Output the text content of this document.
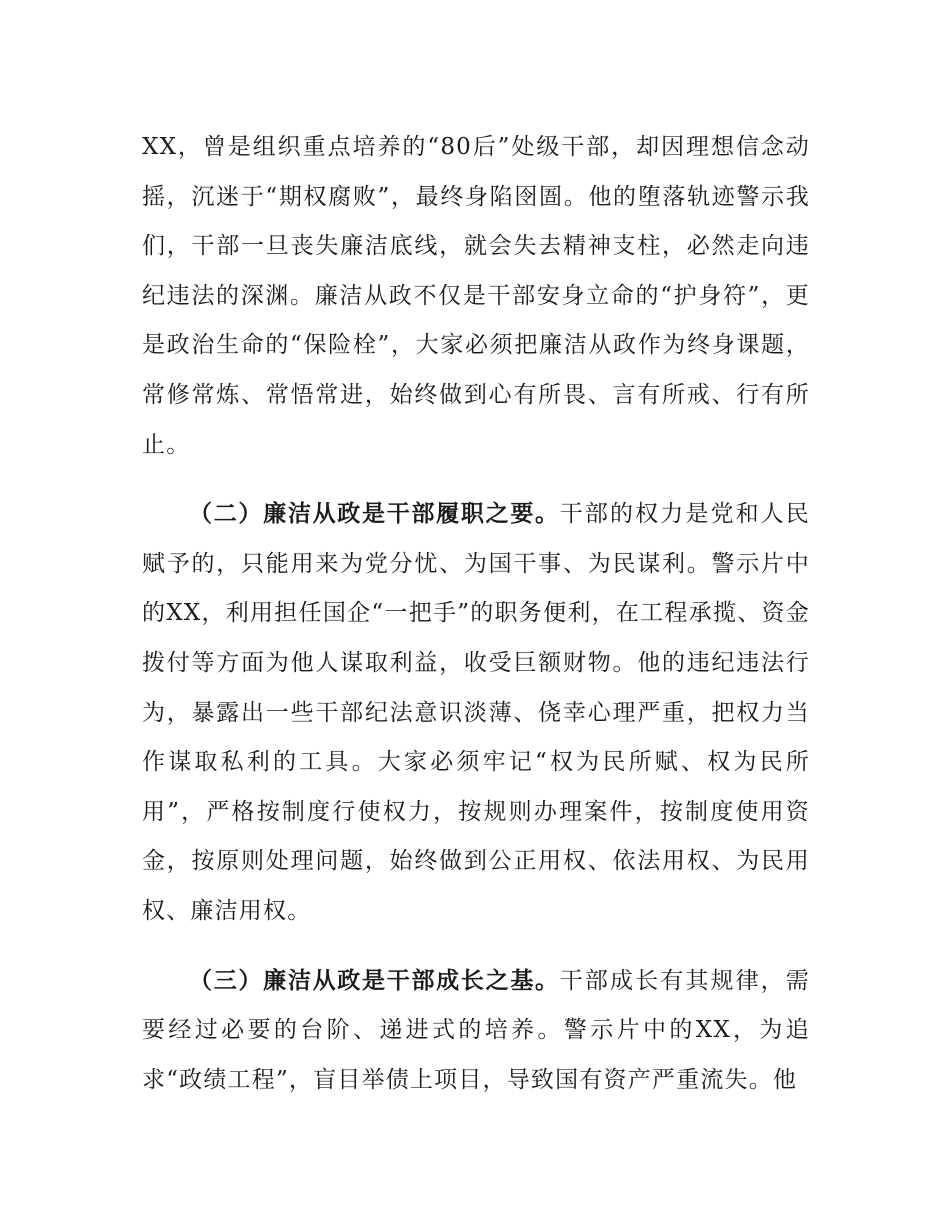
XX，曾是组织重点培养的“80后”处级干部，却因理想信念动摇，沉迷于“期权腐败”，最终身陷囹圄。他的堕落轨迹警示我们，干部一旦丧失廉洁底线，就会失去精神支柱，必然走向违纪违法的深渊。廉洁从政不仅是干部安身立命的“护身符”，更是政治生命的“保险栓”，大家必须把廉洁从政作为终身课题，常修常炼、常悟常进，始终做到心有所畏、言有所戒、行有所止。

（二）廉洁从政是干部履职之要。干部的权力是党和人民赋予的，只能用来为党分忧、为国干事、为民谋利。警示片中的XX，利用担任国企“一把手”的职务便利，在工程承揽、资金拨付等方面为他人谋取利益，收受巨额财物。他的违纪违法行为，暴露出一些干部纪法意识淡薄、侥幸心理严重，把权力当作谋取私利的工具。大家必须牢记“权为民所赋、权为民所用”，严格按制度行使权力，按规则办理案件，按制度使用资金，按原则处理问题，始终做到公正用权、依法用权、为民用权、廉洁用权。

（三）廉洁从政是干部成长之基。干部成长有其规律，需要经过必要的台阶、递进式的培养。警示片中的XX，为追求“政绩工程”，盲目举债上项目，导致国有资产严重流失。他
